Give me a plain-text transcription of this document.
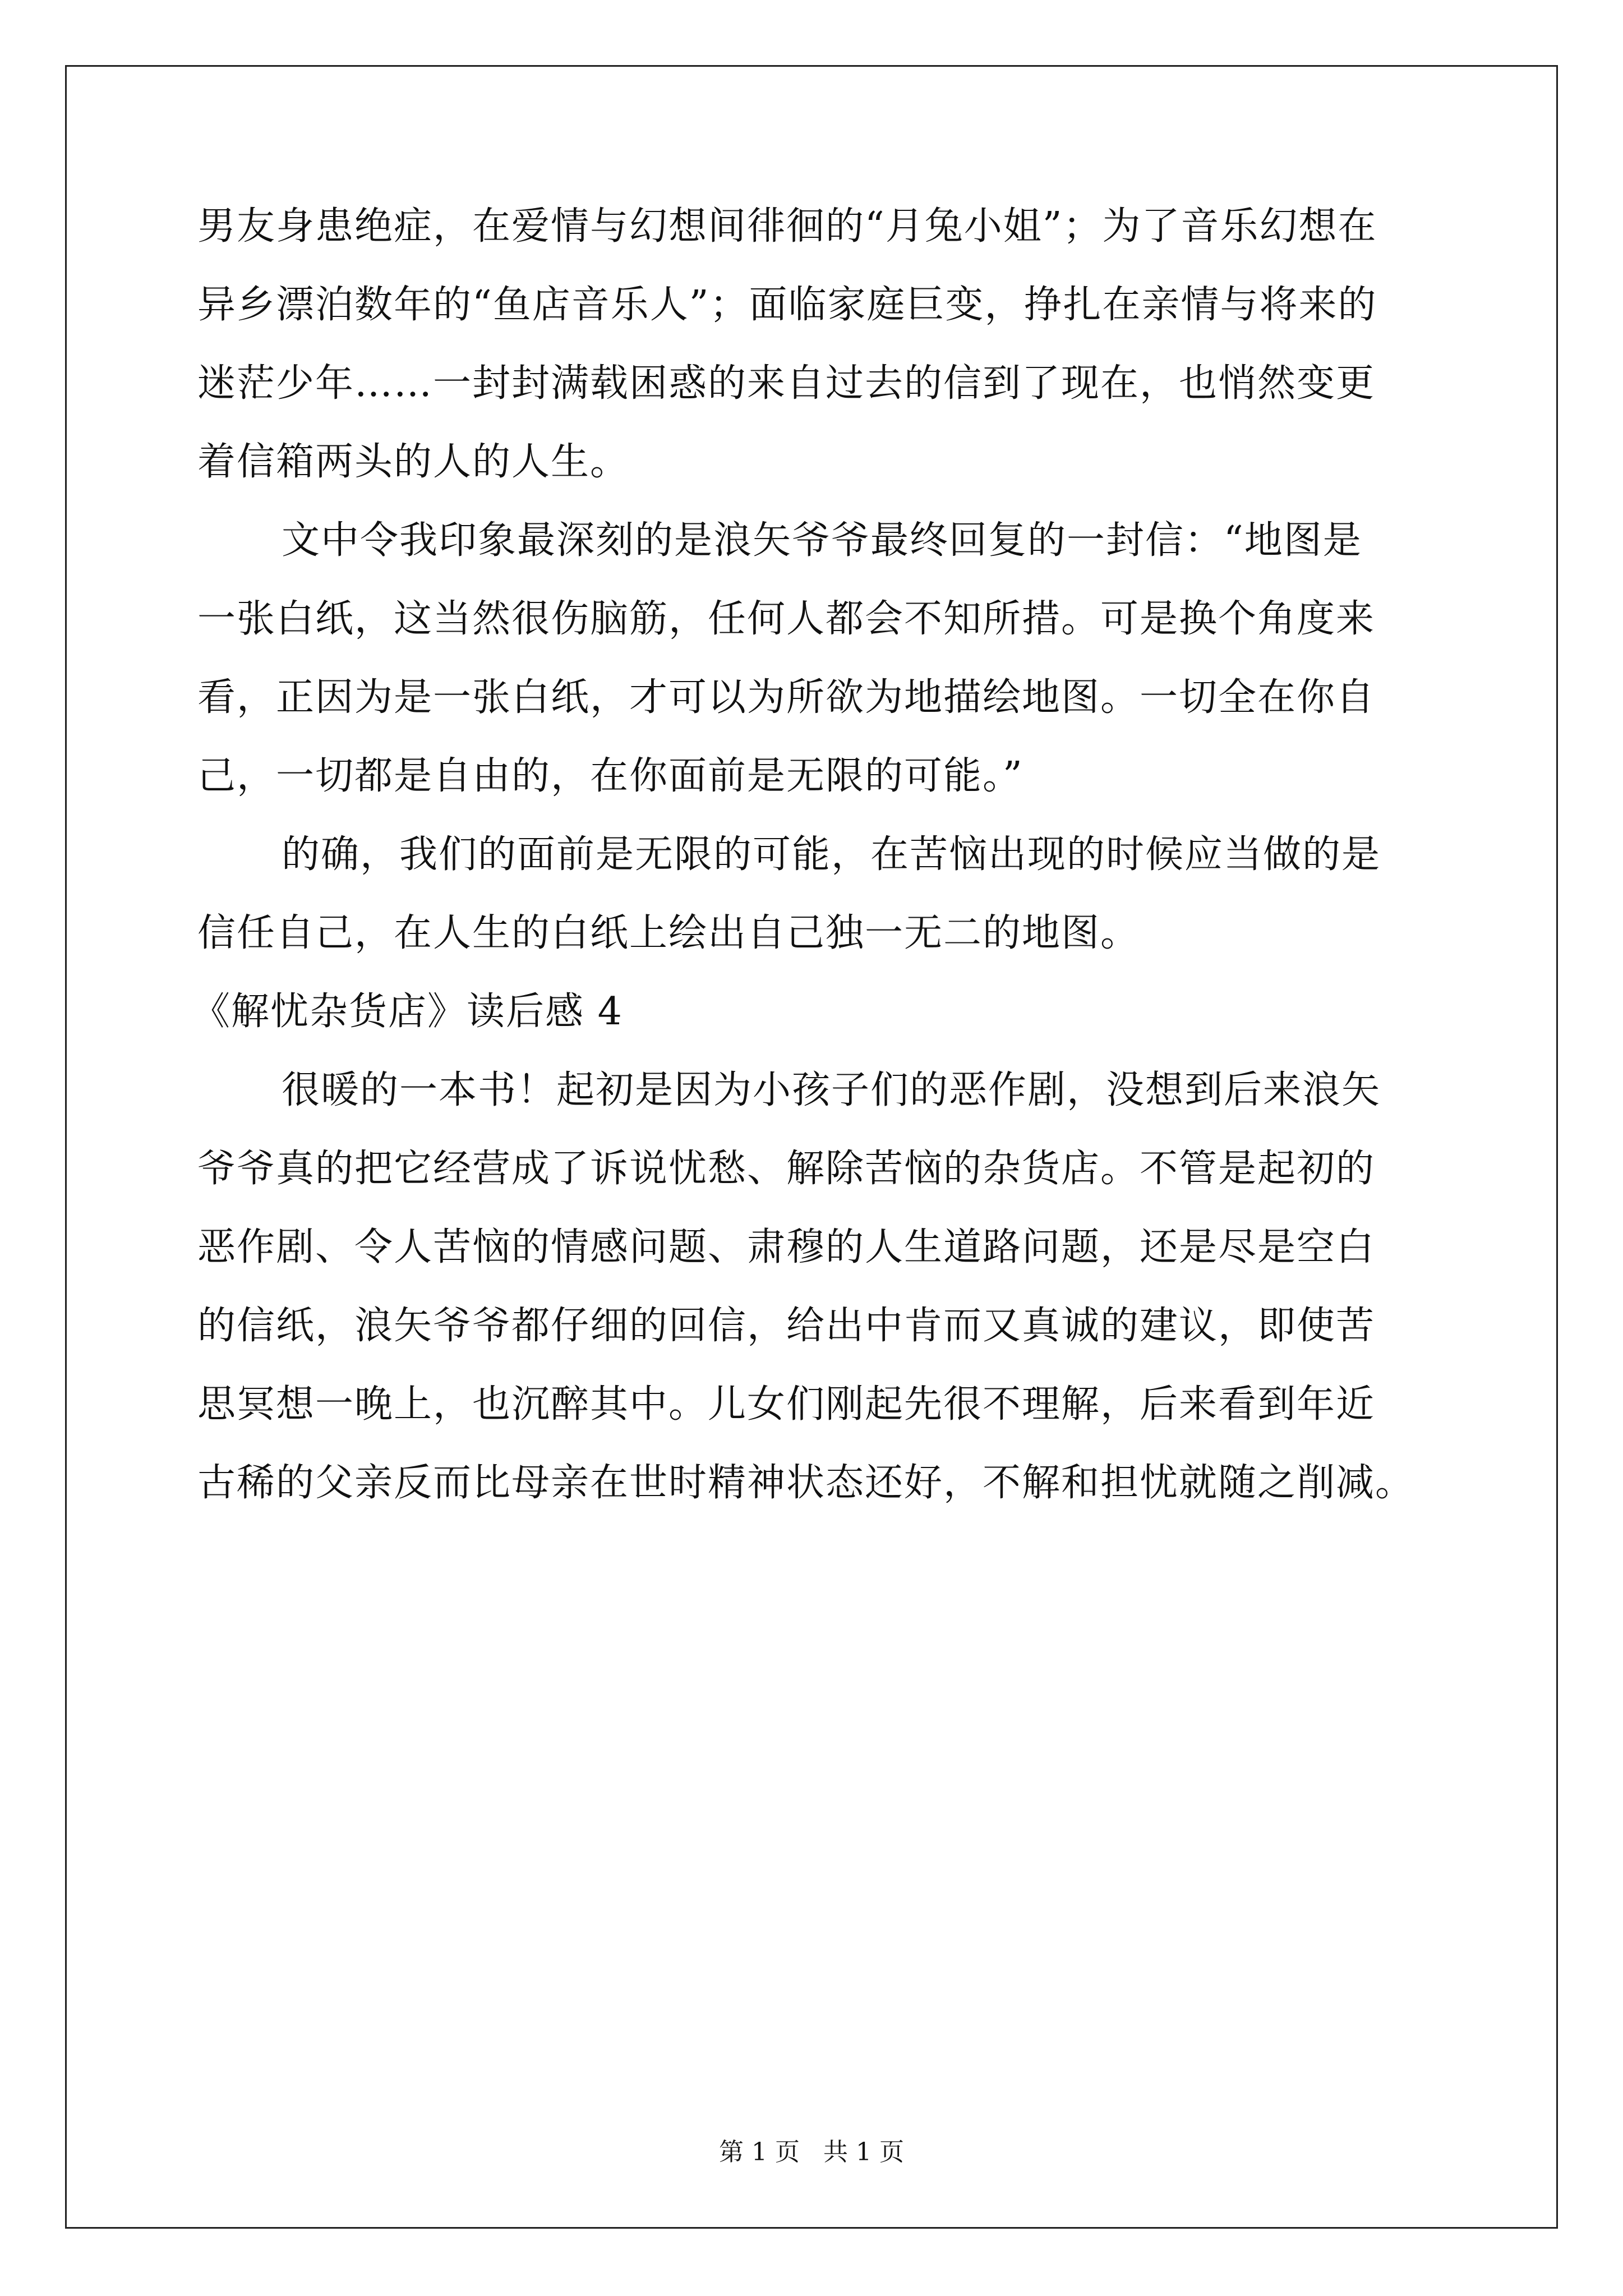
男友身患绝症，在爱情与幻想间徘徊的“月兔小姐”；为了音乐幻想在
异乡漂泊数年的“鱼店音乐人”；面临家庭巨变，挣扎在亲情与将来的
迷茫少年……一封封满载困惑的来自过去的信到了现在，也悄然变更
着信箱两头的人的人生。
文中令我印象最深刻的是浪矢爷爷最终回复的一封信：“地图是
一张白纸，这当然很伤脑筋，任何人都会不知所措。可是换个角度来
看，正因为是一张白纸，才可以为所欲为地描绘地图。一切全在你自
己，一切都是自由的，在你面前是无限的可能。”
的确，我们的面前是无限的可能，在苦恼出现的时候应当做的是
信任自己，在人生的白纸上绘出自己独一无二的地图。
《解忧杂货店》读后感 4
很暖的一本书！起初是因为小孩子们的恶作剧，没想到后来浪矢
爷爷真的把它经营成了诉说忧愁、解除苦恼的杂货店。不管是起初的
恶作剧、令人苦恼的情感问题、肃穆的人生道路问题，还是尽是空白
的信纸，浪矢爷爷都仔细的回信，给出中肯而又真诚的建议，即使苦
思冥想一晚上，也沉醉其中。儿女们刚起先很不理解，后来看到年近
古稀的父亲反而比母亲在世时精神状态还好，不解和担忧就随之削减。
第 1 页 共 1 页
